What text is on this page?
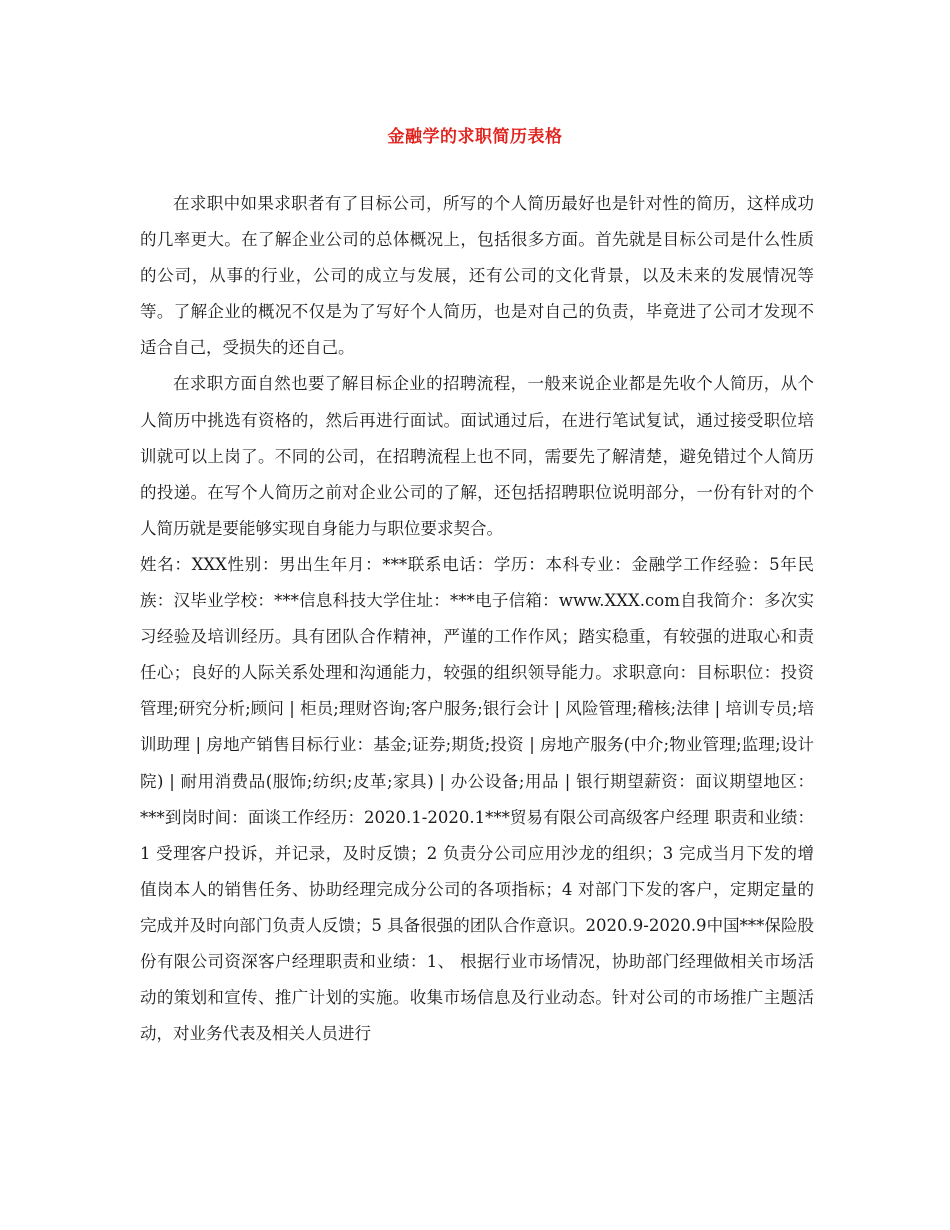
金融学的求职简历表格

在求职中如果求职者有了目标公司，所写的个人简历最好也是针对性的简历，这样成功的几率更大。在了解企业公司的总体概况上，包括很多方面。首先就是目标公司是什么性质的公司，从事的行业，公司的成立与发展，还有公司的文化背景，以及未来的发展情况等等。了解企业的概况不仅是为了写好个人简历，也是对自己的负责，毕竟进了公司才发现不适合自己，受损失的还自己。

在求职方面自然也要了解目标企业的招聘流程，一般来说企业都是先收个人简历，从个人简历中挑选有资格的，然后再进行面试。面试通过后，在进行笔试复试，通过接受职位培训就可以上岗了。不同的公司，在招聘流程上也不同，需要先了解清楚，避免错过个人简历的投递。在写个人简历之前对企业公司的了解，还包括招聘职位说明部分，一份有针对的个人简历就是要能够实现自身能力与职位要求契合。

姓名：XXX性别：男出生年月：***联系电话：学历：本科专业：金融学工作经验：5年民族：汉毕业学校：***信息科技大学住址：***电子信箱：www.XXX.com自我简介：多次实习经验及培训经历。具有团队合作精神，严谨的工作作风；踏实稳重，有较强的进取心和责任心；良好的人际关系处理和沟通能力，较强的组织领导能力。求职意向：目标职位：投资管理;研究分析;顾问 | 柜员;理财咨询;客户服务;银行会计 | 风险管理;稽核;法律 | 培训专员;培训助理 | 房地产销售目标行业：基金;证券;期货;投资 | 房地产服务(中介;物业管理;监理;设计院) | 耐用消费品(服饰;纺织;皮革;家具) | 办公设备;用品 | 银行期望薪资：面议期望地区：***到岗时间：面谈工作经历：2020.1-2020.1***贸易有限公司高级客户经理 职责和业绩：1 受理客户投诉，并记录，及时反馈；2 负责分公司应用沙龙的组织；3 完成当月下发的增值岗本人的销售任务、协助经理完成分公司的各项指标；4 对部门下发的客户，定期定量的完成并及时向部门负责人反馈；5 具备很强的团队合作意识。2020.9-2020.9中国***保险股份有限公司资深客户经理职责和业绩：1、 根据行业市场情况，协助部门经理做相关市场活动的策划和宣传、推广计划的实施。收集市场信息及行业动态。针对公司的市场推广主题活动，对业务代表及相关人员进行
